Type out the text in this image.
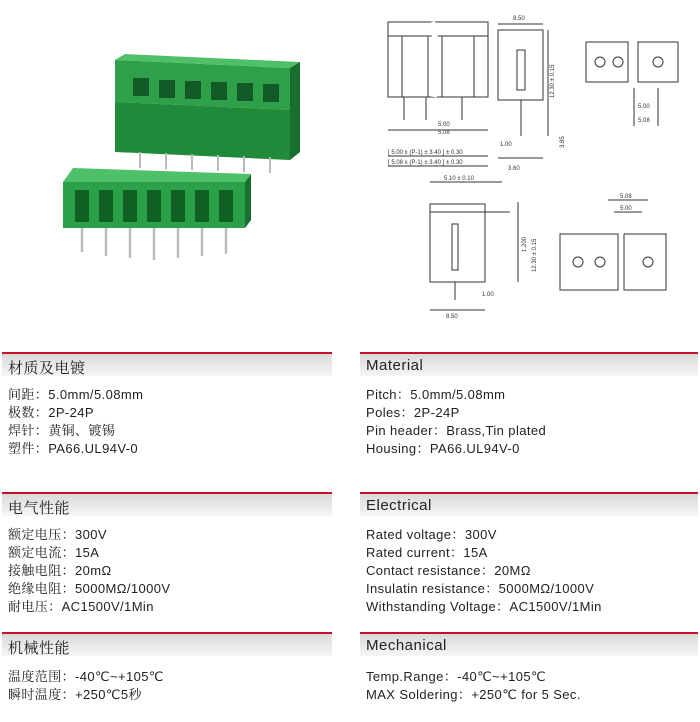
5.00
5.08
[ 5.00 x (P-1) ± 3.40 ] ± 0.30
[ 5.08 x (P-1) ± 3.40 ] ± 0.30
8.50
12.30 ± 0.15
1.00	3.85
3.60
5.00
5.08
5.10 ± 0.10
1.200 12.30 ± 0.15
1.00
8.50
5.08
5.00
材质及电镀	Material
间距：5.0mm/5.08mm
极数：2P-24P
焊针：黄铜、镀锡
塑件：PA66.UL94V-0
Pitch：5.0mm/5.08mm
Poles：2P-24P
Pin header：Brass,Tin plated
Housing：PA66.UL94V-0
电气性能	Electrical
额定电压：300V
额定电流：15A
接触电阻：20mΩ
绝缘电阻：5000MΩ/1000V
耐电压：AC1500V/1Min
Rated voltage：300V
Rated current：15A
Contact resistance：20MΩ
Insulatin resistance：5000MΩ/1000V
Withstanding Voltage：AC1500V/1Min
机械性能	Mechanical
温度范围：-40℃~+105℃
瞬时温度：+250℃5秒
Temp.Range：-40℃~+105℃
MAX Soldering：+250℃ for 5 Sec.
